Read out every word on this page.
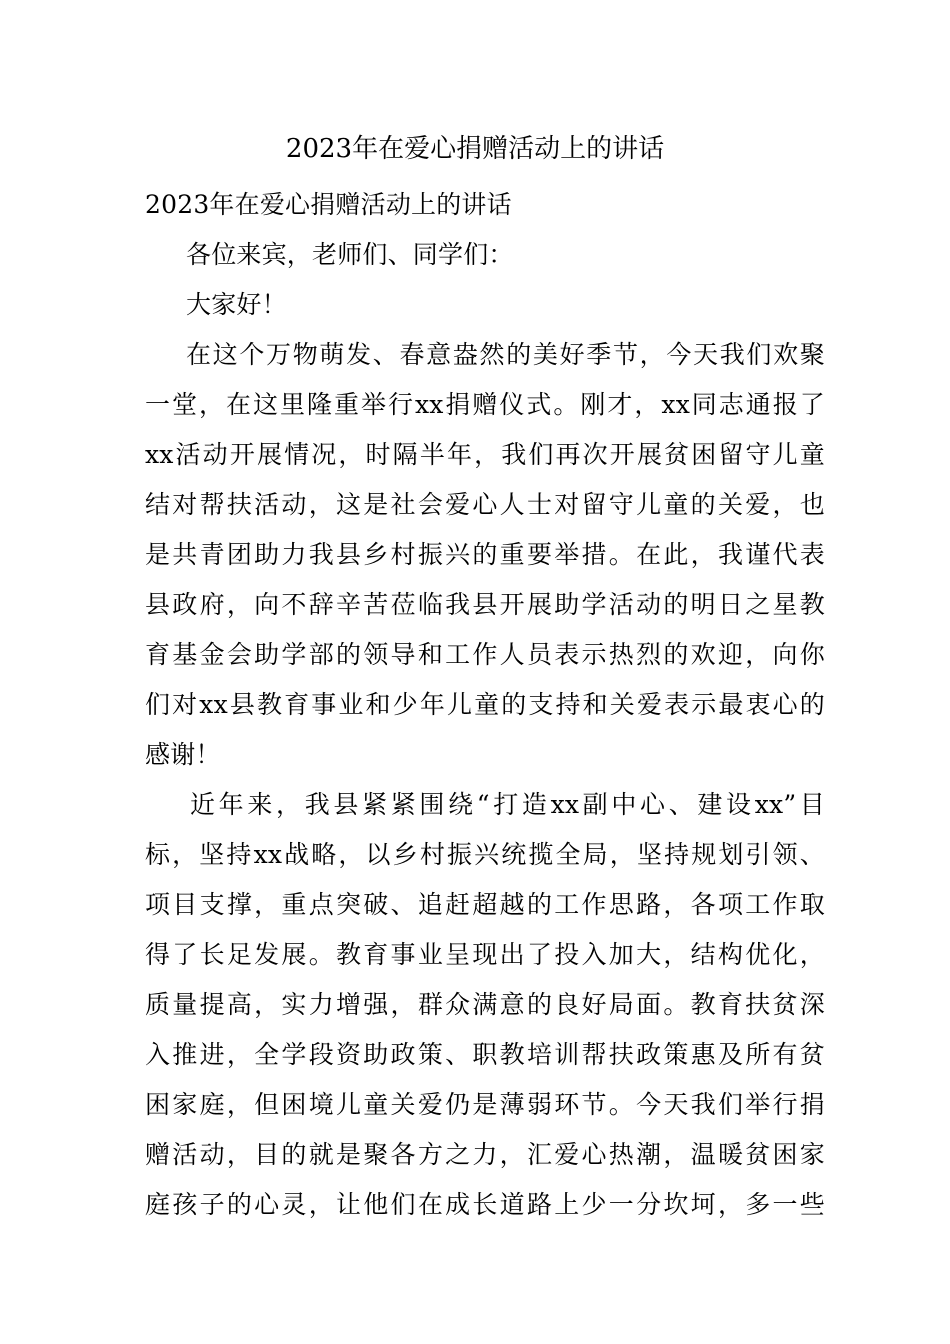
2023年在爱心捐赠活动上的讲话
2023年在爱心捐赠活动上的讲话
各位来宾，老师们、同学们：
大家好！
在这个万物萌发、春意盎然的美好季节，今天我们欢聚
一堂，在这里隆重举行xx捐赠仪式。刚才，xx同志通报了
xx活动开展情况，时隔半年，我们再次开展贫困留守儿童
结对帮扶活动，这是社会爱心人士对留守儿童的关爱，也
是共青团助力我县乡村振兴的重要举措。在此，我谨代表
县政府，向不辞辛苦莅临我县开展助学活动的明日之星教
育基金会助学部的领导和工作人员表示热烈的欢迎，向你
们对xx县教育事业和少年儿童的支持和关爱表示最衷心的
感谢！
近年来，我县紧紧围绕“打造xx副中心、建设xx”目
标，坚持xx战略，以乡村振兴统揽全局，坚持规划引领、
项目支撑，重点突破、追赶超越的工作思路，各项工作取
得了长足发展。教育事业呈现出了投入加大，结构优化，
质量提高，实力增强，群众满意的良好局面。教育扶贫深
入推进，全学段资助政策、职教培训帮扶政策惠及所有贫
困家庭，但困境儿童关爱仍是薄弱环节。今天我们举行捐
赠活动，目的就是聚各方之力，汇爱心热潮，温暖贫困家
庭孩子的心灵，让他们在成长道路上少一分坎坷，多一些
